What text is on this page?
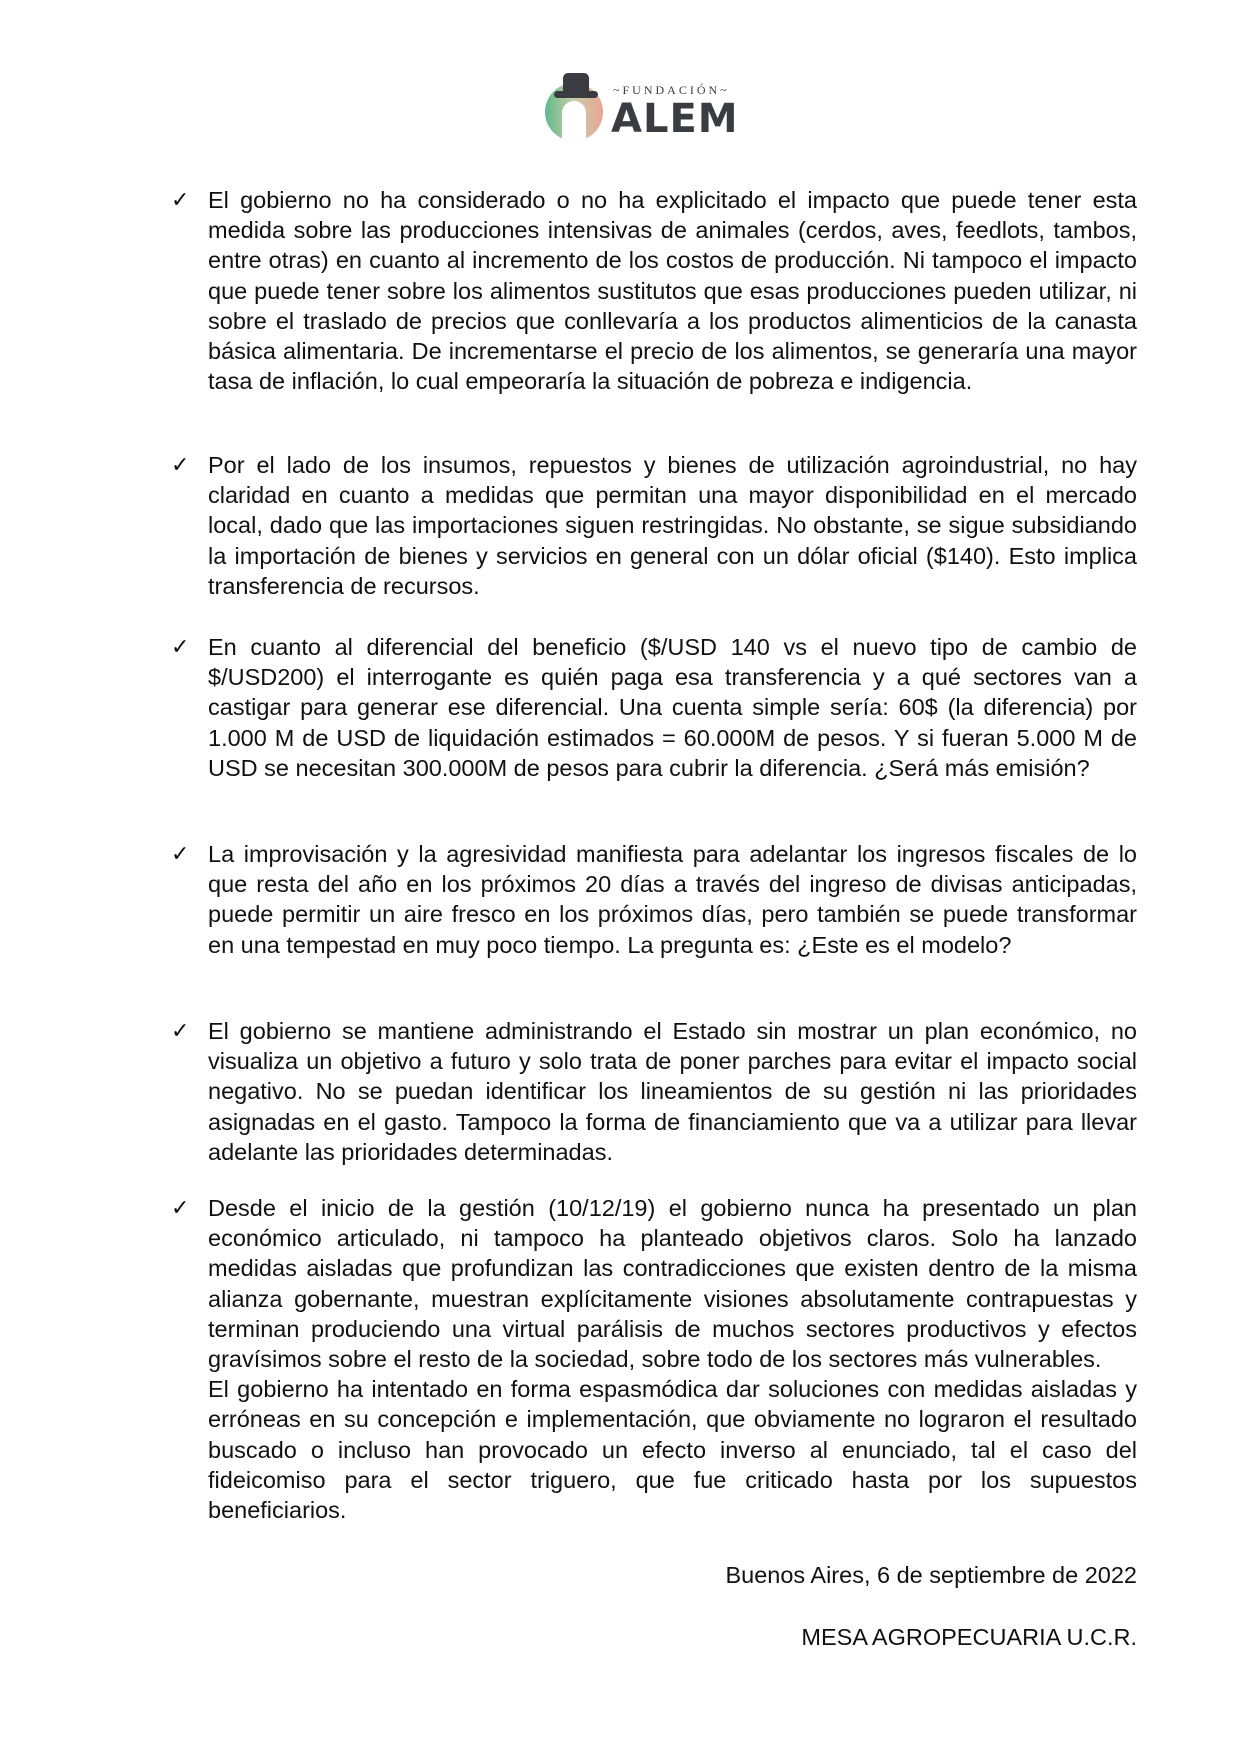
~FUNDACIÓN~
ALEM
✓ El gobierno no ha considerado o no ha explicitado el impacto que puede tener esta medida sobre las producciones intensivas de animales (cerdos, aves, feedlots, tambos, entre otras) en cuanto al incremento de los costos de producción. Ni tampoco el impacto que puede tener sobre los alimentos sustitutos que esas producciones pueden utilizar, ni sobre el traslado de precios que conllevaría a los productos alimenticios de la canasta básica alimentaria. De incrementarse el precio de los alimentos, se generaría una mayor tasa de inflación, lo cual empeoraría la situación de pobreza e indigencia.
✓ Por el lado de los insumos, repuestos y bienes de utilización agroindustrial, no hay claridad en cuanto a medidas que permitan una mayor disponibilidad en el mercado local, dado que las importaciones siguen restringidas. No obstante, se sigue subsidiando la importación de bienes y servicios en general con un dólar oficial ($140). Esto implica transferencia de recursos.
✓ En cuanto al diferencial del beneficio ($/USD 140 vs el nuevo tipo de cambio de $/USD200) el interrogante es quién paga esa transferencia y a qué sectores van a castigar para generar ese diferencial. Una cuenta simple sería: 60$ (la diferencia) por 1.000 M de USD de liquidación estimados = 60.000M de pesos. Y si fueran 5.000 M de USD se necesitan 300.000M de pesos para cubrir la diferencia. ¿Será más emisión?
✓ La improvisación y la agresividad manifiesta para adelantar los ingresos fiscales de lo que resta del año en los próximos 20 días a través del ingreso de divisas anticipadas, puede permitir un aire fresco en los próximos días, pero también se puede transformar en una tempestad en muy poco tiempo. La pregunta es: ¿Este es el modelo?
✓ El gobierno se mantiene administrando el Estado sin mostrar un plan económico, no visualiza un objetivo a futuro y solo trata de poner parches para evitar el impacto social negativo. No se puedan identificar los lineamientos de su gestión ni las prioridades asignadas en el gasto. Tampoco la forma de financiamiento que va a utilizar para llevar adelante las prioridades determinadas.
✓ Desde el inicio de la gestión (10/12/19) el gobierno nunca ha presentado un plan económico articulado, ni tampoco ha planteado objetivos claros. Solo ha lanzado medidas aisladas que profundizan las contradicciones que existen dentro de la misma alianza gobernante, muestran explícitamente visiones absolutamente contrapuestas y terminan produciendo una virtual parálisis de muchos sectores productivos y efectos gravísimos sobre el resto de la sociedad, sobre todo de los sectores más vulnerables.

El gobierno ha intentado en forma espasmódica dar soluciones con medidas aisladas y erróneas en su concepción e implementación, que obviamente no lograron el resultado buscado o incluso han provocado un efecto inverso al enunciado, tal el caso del fideicomiso para el sector triguero, que fue criticado hasta por los supuestos beneficiarios.

Buenos Aires, 6 de septiembre de 2022
MESA AGROPECUARIA U.C.R.
